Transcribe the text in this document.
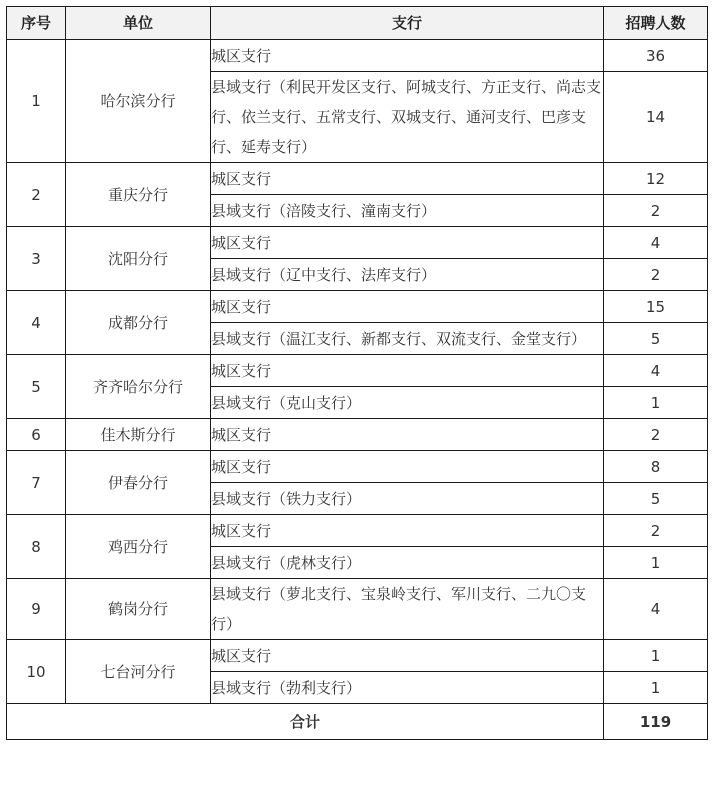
序号	单位	支行	招聘人数
1	哈尔滨分行	城区支行	36
		县域支行（利民开发区支行、阿城支行、方正支行、尚志支行、依兰支行、五常支行、双城支行、通河支行、巴彦支行、延寿支行）	14
2	重庆分行	城区支行	12
		县域支行（涪陵支行、潼南支行）	2
3	沈阳分行	城区支行	4
		县域支行（辽中支行、法库支行）	2
4	成都分行	城区支行	15
		县域支行（温江支行、新都支行、双流支行、金堂支行）	5
5	齐齐哈尔分行	城区支行	4
		县域支行（克山支行）	1
6	佳木斯分行	城区支行	2
7	伊春分行	城区支行	8
		县域支行（铁力支行）	5
8	鸡西分行	城区支行	2
		县域支行（虎林支行）	1
9	鹤岗分行	县域支行（萝北支行、宝泉岭支行、军川支行、二九〇支行）	4
10	七台河分行	城区支行	1
		县域支行（勃利支行）	1
合计			119
